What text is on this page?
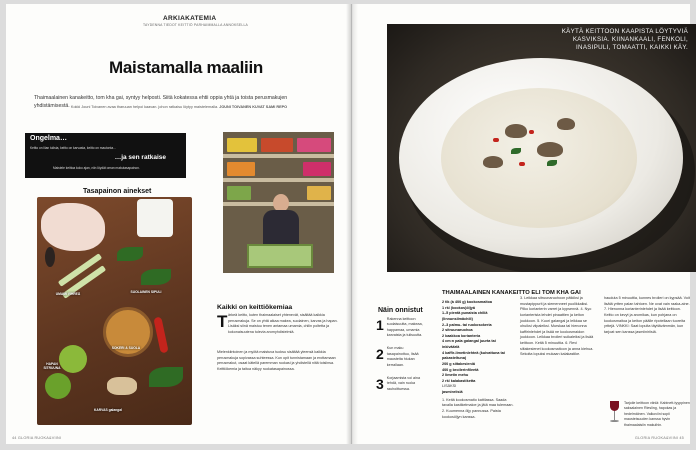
ARKIAKATEMIA
TAYDENNA TIEDOT KEITTIÖ PARHAIMMALLA ANNOKSELLA
Maistamalla maaliin
Thaimaalainen kanakeitto, tom kha gai, syntyy helposti. Siitä kokatessa ehtii oppia yhtä ja toista perusmakujen yhdistämisestä. Kokki Jouni Toivanen avaa tharuuan helpoi kaavan. johon ratkaisu löytyy maistelemalla. JOUNI TOIVANEN KUVAT SAMI REPO
Ongelma…
Keitto on liian tulista, keitto on karvasta, keitto on mautonta…
…ja sen ratkaise
Maistele keittoa koko ajan, niin löydät oman makutasapainon.
Tasapainon ainekset
UMAMI VIHREÄ	SUOLAINEN SIPULI
SOKERI & SUOLA
HAPAN SITRUUNA
KARVAS galangal
Kaikki on keittiökemiaa
T ärkeä keitto, kuten thaimaalaiset yhtenevät, sisältää kaikkia perusmakuja. Se on yhtä aikaa makea, suolainen, karvas ja hapan. Lisäksi siinä maistuu tenen antamaa umamia, chilin poltetta ja kokonaisuutena tulevia aromyhdistelmiä.
Mielenkiintoinen ja myötä maistuva tuoksu sisältää yleensä kaikkia perusmakuja sopivassa suhteessa. Kun opit tunnistamaan ja erottamaan perusmakut, osaat kätellä paremman ruokasi ja yhdistellä niitä toisiinsa. Keittiökemia ja taitoa näkyy ruokatasapainossa.
44 GLORIA RUOKA&VIINI	GLORIA RUOKA&VIINI 45
Näin onnistut
1 Rakenna keittoon suolaisuutta, makeaa, happamaa, umamia karvaista ja tulisuutta.
2 Kun maku tasapainottuu, lisää mausteita hiukan kerrallaan.
3 Korjaamista voi aina tehdä, vain ruoka rauhoittuessa.
KÄYTÄ KEITTOON KAAPISTA LÖYTYVIÄ KASVIKSIA. KIINANKAALI, FENKOLI, INASIPULI, TOMAATTI, KAIKKI KÄY.
THAIMAALAINEN KANAKEITTO ELI TOM KHA GAI
2 tlk (à 400 g) kookosmaitoa
1 rkl (kookos)öljyä
1–5 pientä punaista chiliä (linnunsilmächili)
2–3 palmu- tai ruokosokeria
2 sitruunaruohoa
2 kaakkoa korianteria
4 cm:n pala galangal juurta tai inkivääriä
4 kaffir-limetinlehteä (kuivattuna tai pakasteltuna)
200 g siitakesieniä
400 g broilerinfileetä
2 limetin mehu
2 rkl kalakastiketta
LISÄKSI
jasminriisiä
1. Keitä kookosmaito kattilassa. Saada tavalla kastikelmaloe ja jätä maa tulemaan. 2. Kuumenna öljy pannussa. Paista kookosöljyn kanssa.
3. Leikkaa sitruunaruohoon pätkiksi ja mustapippurit ja siemenneet puolikkaiksi. Pilko korianterin varret ja kypsennä. 4. Nyo korianterista lehdet pinaattien ja keiton joukkoon. 5. Kuori galangal ja leikkaa se ohuiksi viipaleiksi. Murskaa tai hienonna kaffirinlehdet ja lisää ne kookosmaidon joukkoon. Leikkaa broileri suikaleiksi ja lisää keittoon. Keitä 5 minuuttia. 6. Revi siitakesienet kookosmaitoon ja anna kiehua. Sekoita lopuksi mukaan kalakastike.
hauduta 5 minuuttia, kunnes broileri on kypsää. Voit lisätä yrtten palan tahtoen. Ne ovat vain raaka-aine. 7. Hienonna korianterinlehdet ja lisää keittoon. Keitto on kevyt ja aromikas, kun pohjana on kookosmaitoa ja keiton päälle ripotellaan tuoreita yrttejä. VINKKI: Saat lopulta täyttävämmän, kun tarjoat sen kanssa jasmiiniriisiä.
Tarjoile keittoon viiniä: Kabinett-tyyppinen saksalainen Riesling, hapokas ja hedelmäinen. Valkoviini sopii mausteisuuden kanssa hyvin thaimaalaisiin makuihin.
